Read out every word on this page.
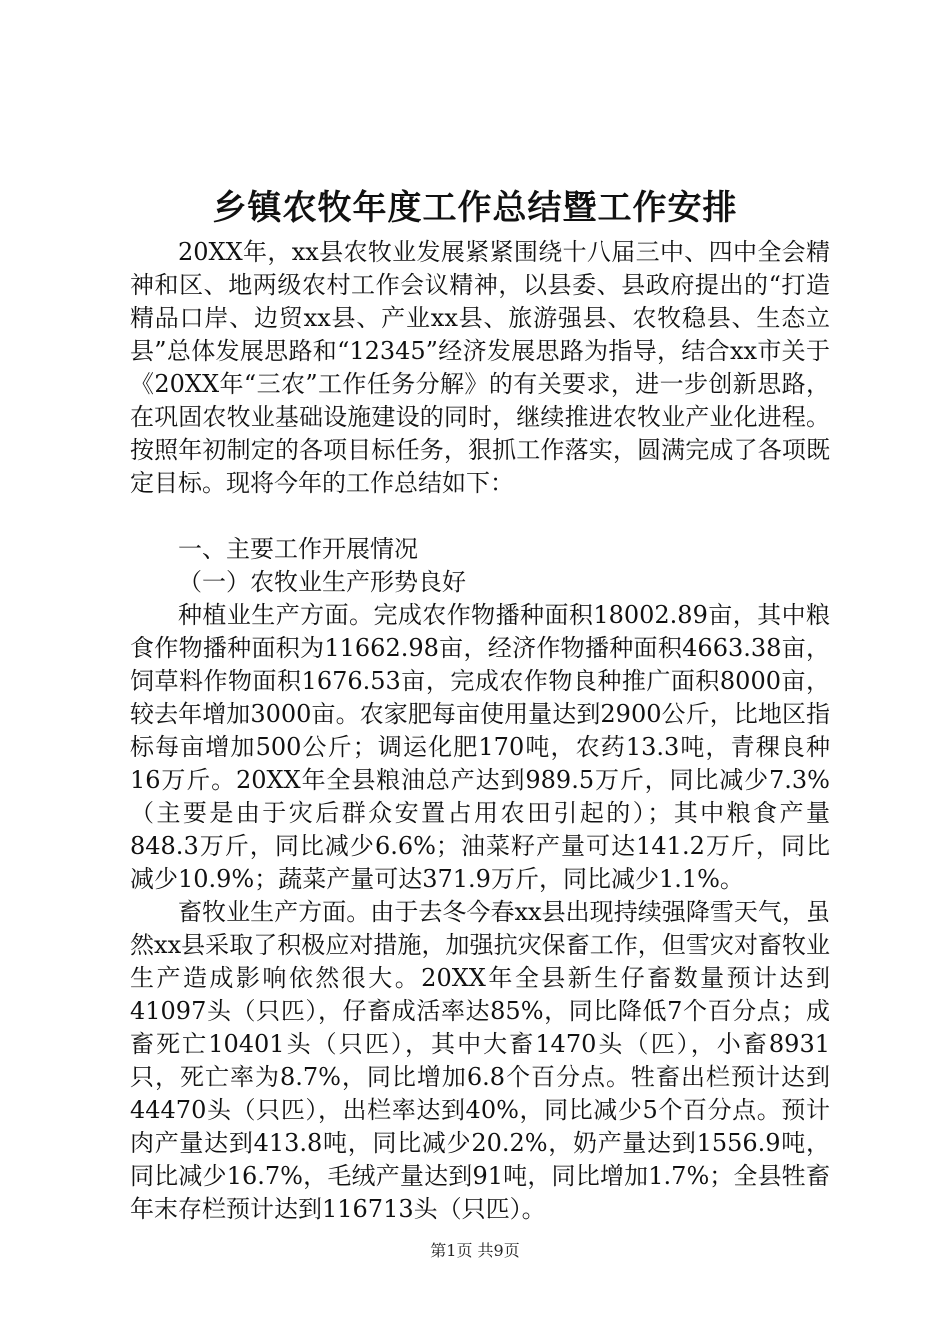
乡镇农牧年度工作总结暨工作安排

20XX年，xx县农牧业发展紧紧围绕十八届三中、四中全会精神和区、地两级农村工作会议精神，以县委、县政府提出的“打造精品口岸、边贸xx县、产业xx县、旅游强县、农牧稳县、生态立县”总体发展思路和“12345”经济发展思路为指导，结合xx市关于《20XX年“三农”工作任务分解》的有关要求，进一步创新思路，在巩固农牧业基础设施建设的同时，继续推进农牧业产业化进程。按照年初制定的各项目标任务，狠抓工作落实，圆满完成了各项既定目标。现将今年的工作总结如下：

一、主要工作开展情况

（一）农牧业生产形势良好

种植业生产方面。完成农作物播种面积18002.89亩，其中粮食作物播种面积为11662.98亩，经济作物播种面积4663.38亩，饲草料作物面积1676.53亩，完成农作物良种推广面积8000亩，较去年增加3000亩。农家肥每亩使用量达到2900公斤，比地区指标每亩增加500公斤；调运化肥170吨，农药13.3吨，青稞良种16万斤。20XX年全县粮油总产达到989.5万斤，同比减少7.3%（主要是由于灾后群众安置占用农田引起的）；其中粮食产量848.3万斤，同比减少6.6%；油菜籽产量可达141.2万斤，同比减少10.9%；蔬菜产量可达371.9万斤，同比减少1.1%。

畜牧业生产方面。由于去冬今春xx县出现持续强降雪天气，虽然xx县采取了积极应对措施，加强抗灾保畜工作，但雪灾对畜牧业生产造成影响依然很大。20XX年全县新生仔畜数量预计达到41097头（只匹），仔畜成活率达85%，同比降低7个百分点；成畜死亡10401头（只匹），其中大畜1470头（匹），小畜8931只，死亡率为8.7%，同比增加6.8个百分点。牲畜出栏预计达到44470头（只匹），出栏率达到40%，同比减少5个百分点。预计肉产量达到413.8吨，同比减少20.2%，奶产量达到1556.9吨，同比减少16.7%，毛绒产量达到91吨，同比增加1.7%；全县牲畜年末存栏预计达到116713头（只匹）。

第1页 共9页
